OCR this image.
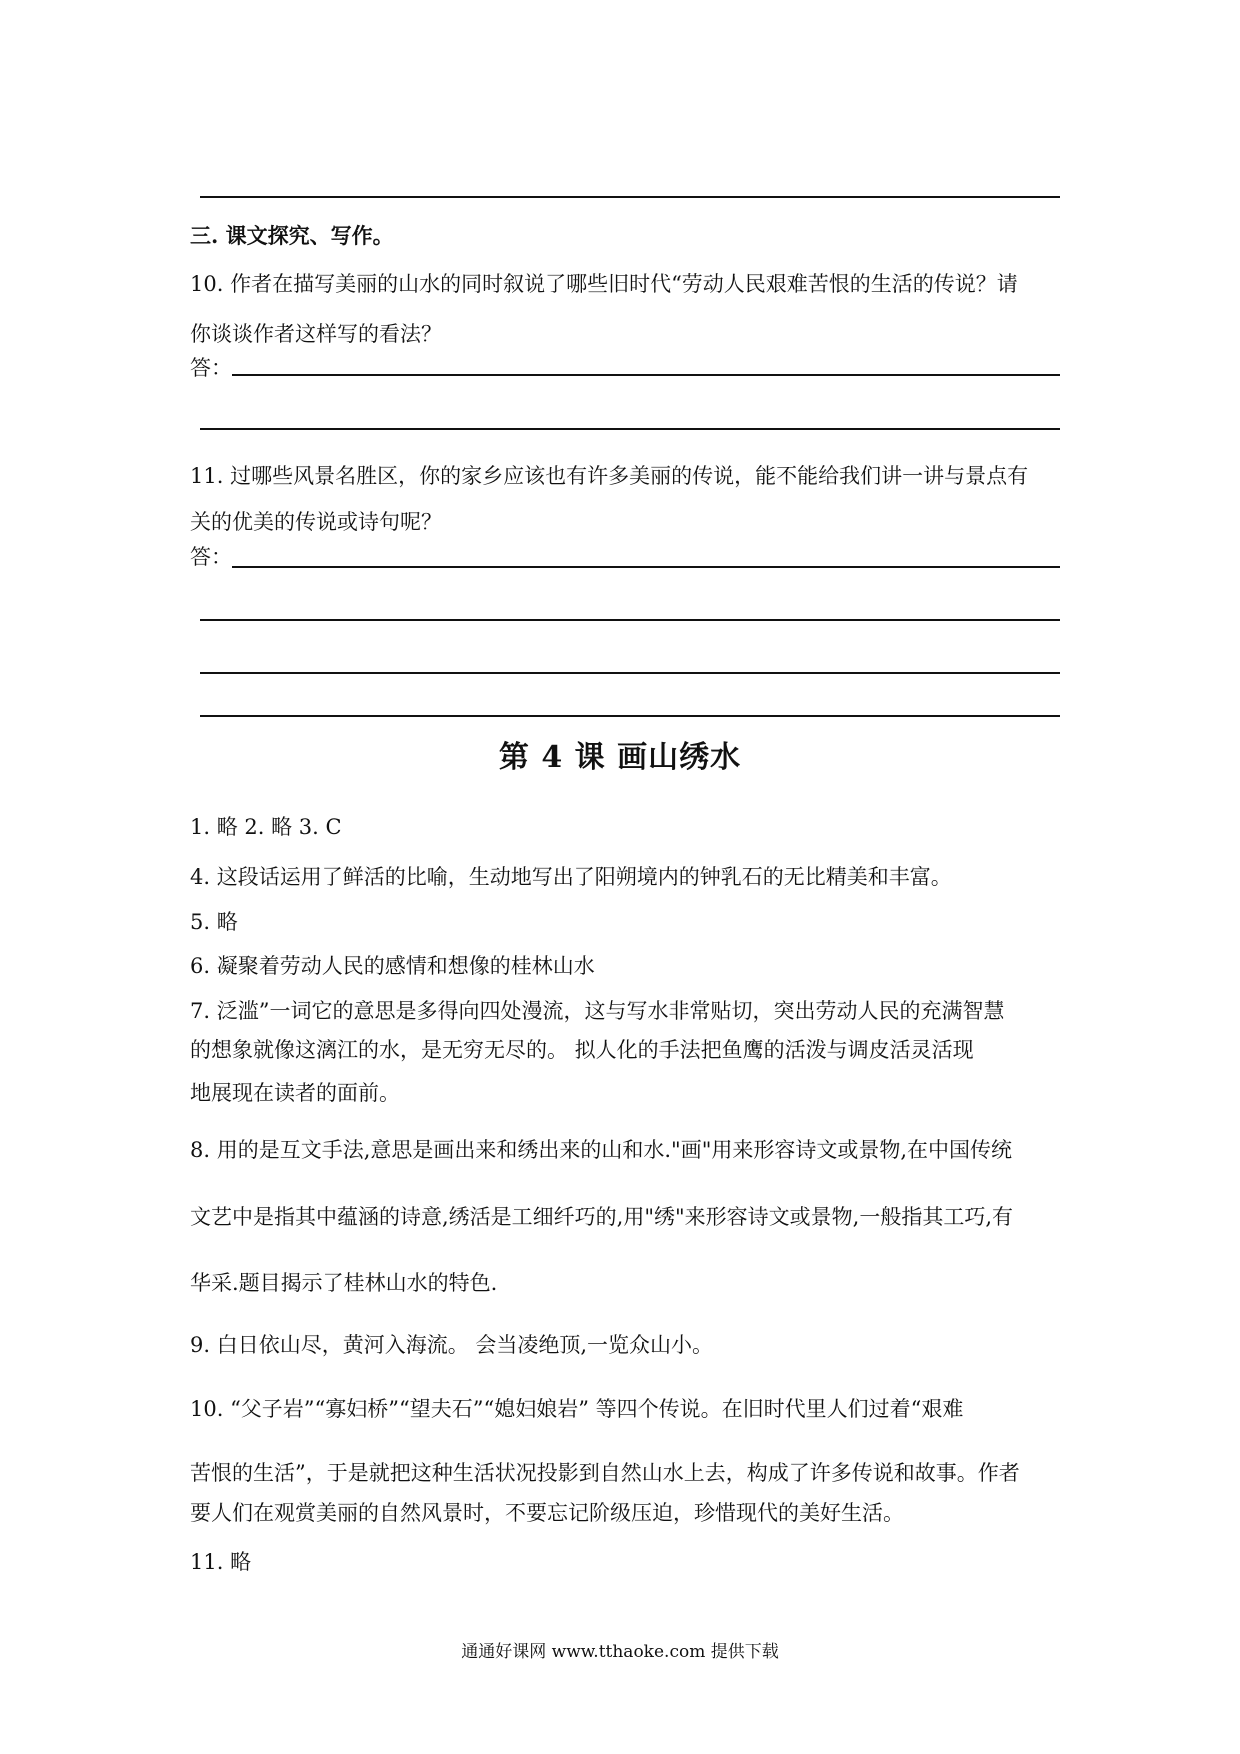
三. 课文探究、写作。
10. 作者在描写美丽的山水的同时叙说了哪些旧时代“劳动人民艰难苦恨的生活的传说？请
你谈谈作者这样写的看法？
答：
11. 过哪些风景名胜区，你的家乡应该也有许多美丽的传说，能不能给我们讲一讲与景点有
关的优美的传说或诗句呢？
答：
第 4 课 画山绣水
1. 略 2. 略 3. C
4. 这段话运用了鲜活的比喻，生动地写出了阳朔境内的钟乳石的无比精美和丰富。
5. 略
6. 凝聚着劳动人民的感情和想像的桂林山水
7. 泛滥”一词它的意思是多得向四处漫流，这与写水非常贴切，突出劳动人民的充满智慧
的想象就像这漓江的水，是无穷无尽的。 拟人化的手法把鱼鹰的活泼与调皮活灵活现
地展现在读者的面前。
8. 用的是互文手法,意思是画出来和绣出来的山和水."画"用来形容诗文或景物,在中国传统
文艺中是指其中蕴涵的诗意,绣活是工细纤巧的,用"绣"来形容诗文或景物,一般指其工巧,有
华采.题目揭示了桂林山水的特色.
9. 白日依山尽，黄河入海流。 会当凌绝顶,一览众山小。
10. “父子岩”“寡妇桥”“望夫石”“媳妇娘岩” 等四个传说。在旧时代里人们过着“艰难
苦恨的生活”，于是就把这种生活状况投影到自然山水上去，构成了许多传说和故事。作者
要人们在观赏美丽的自然风景时，不要忘记阶级压迫，珍惜现代的美好生活。
11. 略
通通好课网 www.tthaoke.com 提供下载
